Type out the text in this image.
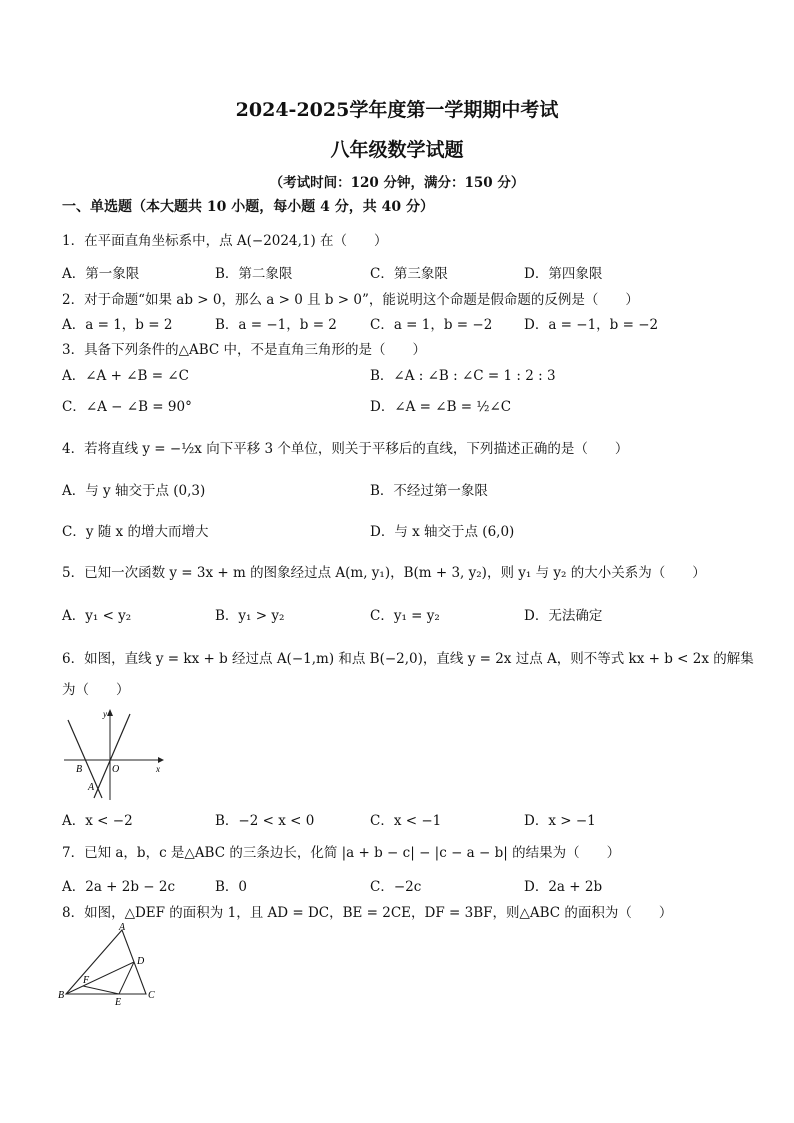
2024-2025学年度第一学期期中考试
八年级数学试题
（考试时间：120 分钟，满分：150 分）
一、单选题（本大题共 10 小题，每小题 4 分，共 40 分）
1．在平面直角坐标系中，点 A(−2024,1) 在（　　）
A．第一象限	B．第二象限	C．第三象限	D．第四象限
2．对于命题“如果 ab > 0，那么 a > 0 且 b > 0”，能说明这个命题是假命题的反例是（　　）
A．a = 1，b = 2	B．a = −1，b = 2 C．a = 1，b = −2 D．a = −1，b = −2
3．具备下列条件的△ABC 中，不是直角三角形的是（　　）
A．∠A + ∠B = ∠C	B．∠A : ∠B : ∠C = 1 : 2 : 3
C．∠A − ∠B = 90°	D．∠A = ∠B = ½∠C
4．若将直线 y = −½x 向下平移 3 个单位，则关于平移后的直线，下列描述正确的是（　　）
A．与 y 轴交于点 (0,3)	B．不经过第一象限
C．y 随 x 的增大而增大	D．与 x 轴交于点 (6,0)
5．已知一次函数 y = 3x + m 的图象经过点 A(m, y₁)，B(m + 3, y₂)，则 y₁ 与 y₂ 的大小关系为（　　）
A．y₁ < y₂	B．y₁ > y₂	C．y₁ = y₂	D．无法确定
6．如图，直线 y = kx + b 经过点 A(−1,m) 和点 B(−2,0)，直线 y = 2x 过点 A，则不等式 kx + b < 2x 的解集
为（　　）
y
x
B	O
A
A．x < −2	B．−2 < x < 0	C．x < −1	D．x > −1
7．已知 a，b，c 是△ABC 的三条边长，化简 |a + b − c| − |c − a − b| 的结果为（　　）
A．2a + 2b − 2c	B．0	C．−2c	D．2a + 2b
8．如图，△DEF 的面积为 1，且 AD = DC，BE = 2CE，DF = 3BF，则△ABC 的面积为（　　）
A
B	C
D
E
F
